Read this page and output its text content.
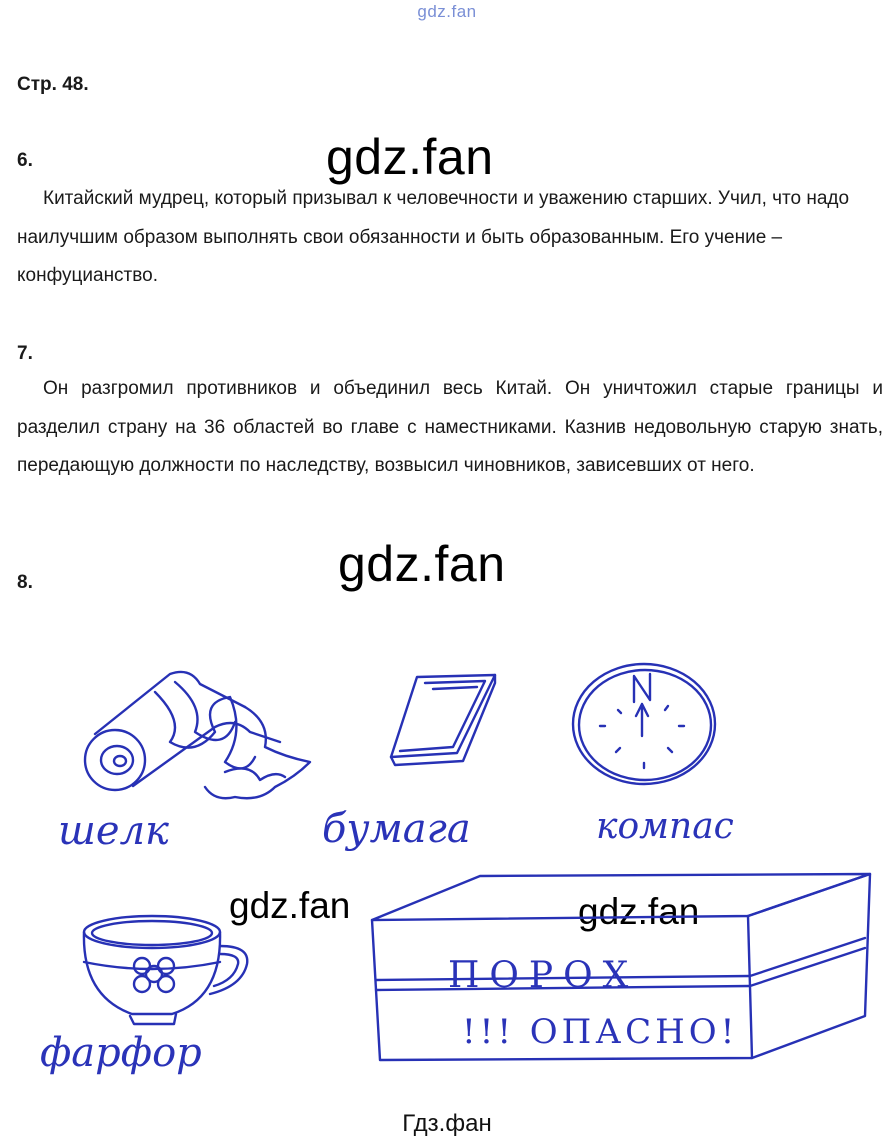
gdz.fan
Стр. 48.
6.	gdz.fan
Китайский мудрец, который призывал к человечности и уважению старших. Учил, что надо наилучшим образом выполнять свои обязанности и быть образованным. Его учение – конфуцианство.
7.
Он разгромил противников и объединил весь Китай. Он уничтожил старые границы и разделил страну на 36 областей во главе с наместниками. Казнив недовольную старую знать, передающую должности по наследству, возвысил чиновников, зависевших от него.
8.	gdz.fan
шелк	бумага	компас
gdz.fan	gdz.fan
фарфор
ПОРОХ
!!! ОПАСНО!
Гдз.фан
